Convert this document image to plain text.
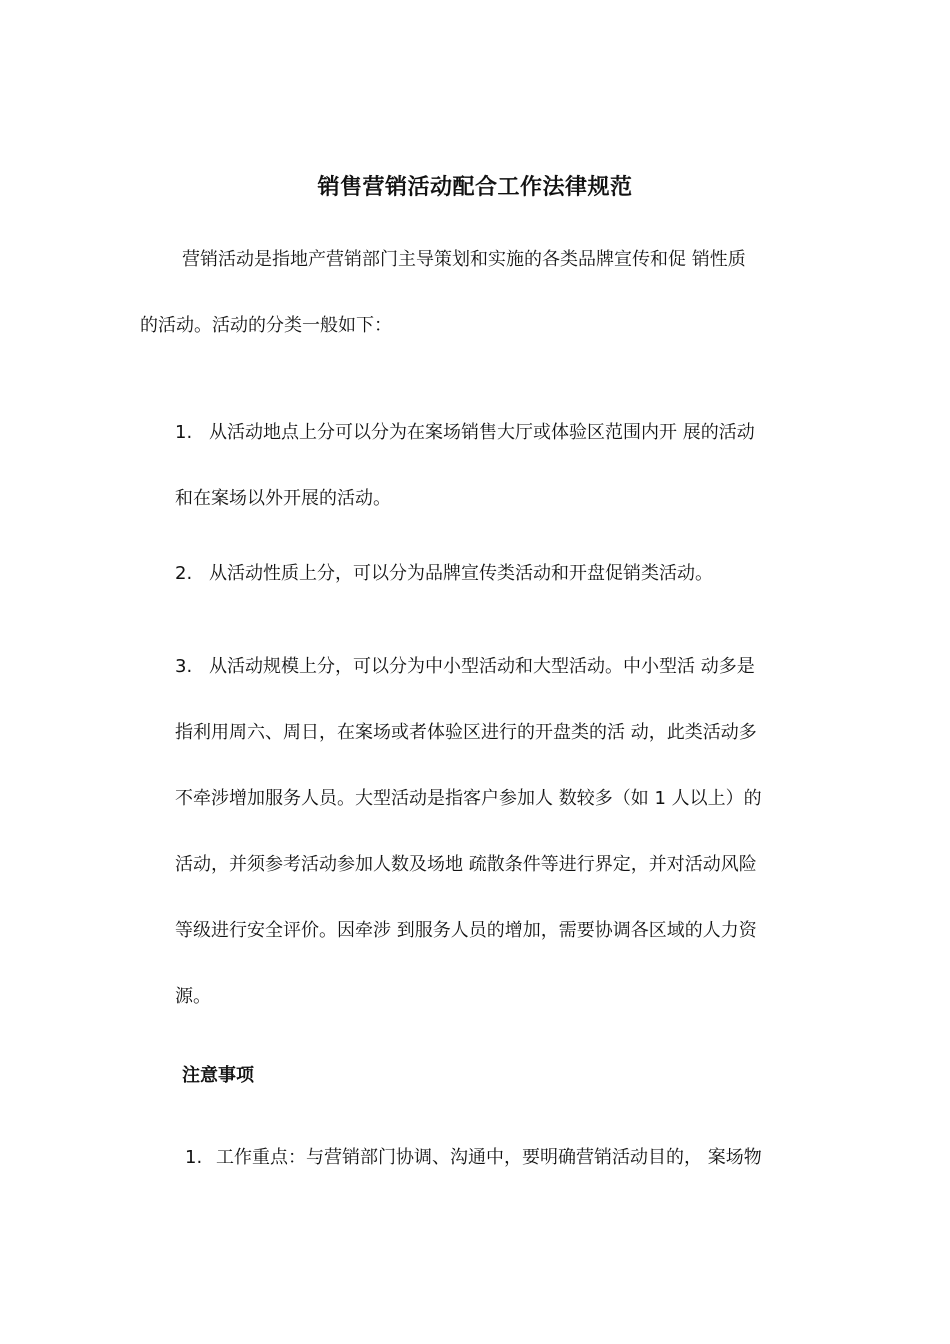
销售营销活动配合工作法律规范
营销活动是指地产营销部门主导策划和实施的各类品牌宣传和促 销性质
的活动。活动的分类一般如下：
1. 从活动地点上分可以分为在案场销售大厅或体验区范围内开 展的活动
和在案场以外开展的活动。
2. 从活动性质上分，可以分为品牌宣传类活动和开盘促销类活动。
3. 从活动规模上分，可以分为中小型活动和大型活动。中小型活 动多是
指利用周六、周日，在案场或者体验区进行的开盘类的活 动，此类活动多
不牵涉增加服务人员。大型活动是指客户参加人 数较多（如 1 人以上）的
活动，并须参考活动参加人数及场地 疏散条件等进行界定，并对活动风险
等级进行安全评价。因牵涉 到服务人员的增加，需要协调各区域的人力资
源。
注意事项
1. 工作重点：与营销部门协调、沟通中，要明确营销活动目的， 案场物
